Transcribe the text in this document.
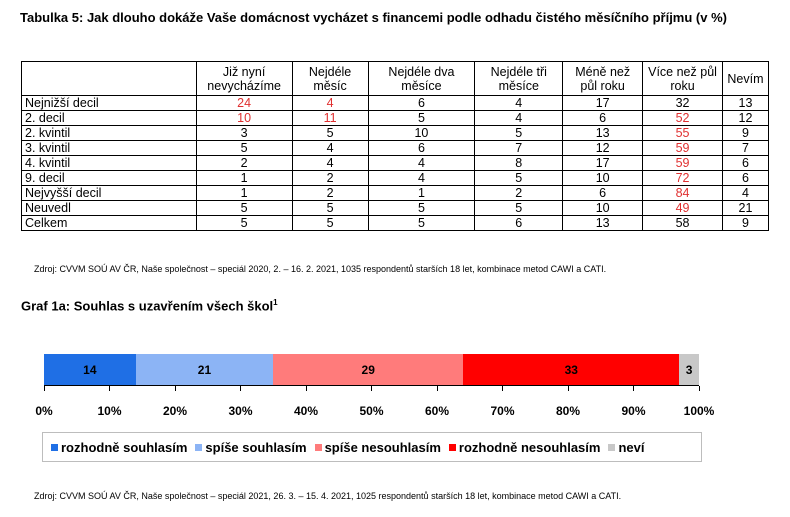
Tabulka 5: Jak dlouho dokáže Vaše domácnost vycházet s financemi podle odhadu čistého měsíčního příjmu (v %)
	Již nyní nevycházíme	Nejdéle měsíc	Nejdéle dva měsíce	Nejdéle tři měsíce	Méně než půl roku	Více než půl roku	Nevím
Nejnižší decil	24	4	6	4	17	32	13
2. decil	10	11	5	4	6	52	12
2. kvintil	3	5	10	5	13	55	9
3. kvintil	5	4	6	7	12	59	7
4. kvintil	2	4	4	8	17	59	6
9. decil	1	2	4	5	10	72	6
Nejvyšší decil	1	2	1	2	6	84	4
Neuvedl	5	5	5	5	10	49	21
Celkem	5	5	5	6	13	58	9
Zdroj: CVVM SOÚ AV ČR, Naše společnost – speciál 2020, 2. – 16. 2. 2021, 1035 respondentů starších 18 let, kombinace metod CAWI a CATI.
Graf 1a: Souhlas s uzavřením všech škol$^1$
14	21	29	33	3
0%	10%	20%	30%	40%	50%	60%	70%	80%	90%	100%
rozhodně souhlasím spíše souhlasím spíše nesouhlasím rozhodně nesouhlasím neví
Zdroj: CVVM SOÚ AV ČR, Naše společnost – speciál 2021, 26. 3. – 15. 4. 2021, 1025 respondentů starších 18 let, kombinace metod CAWI a CATI.
